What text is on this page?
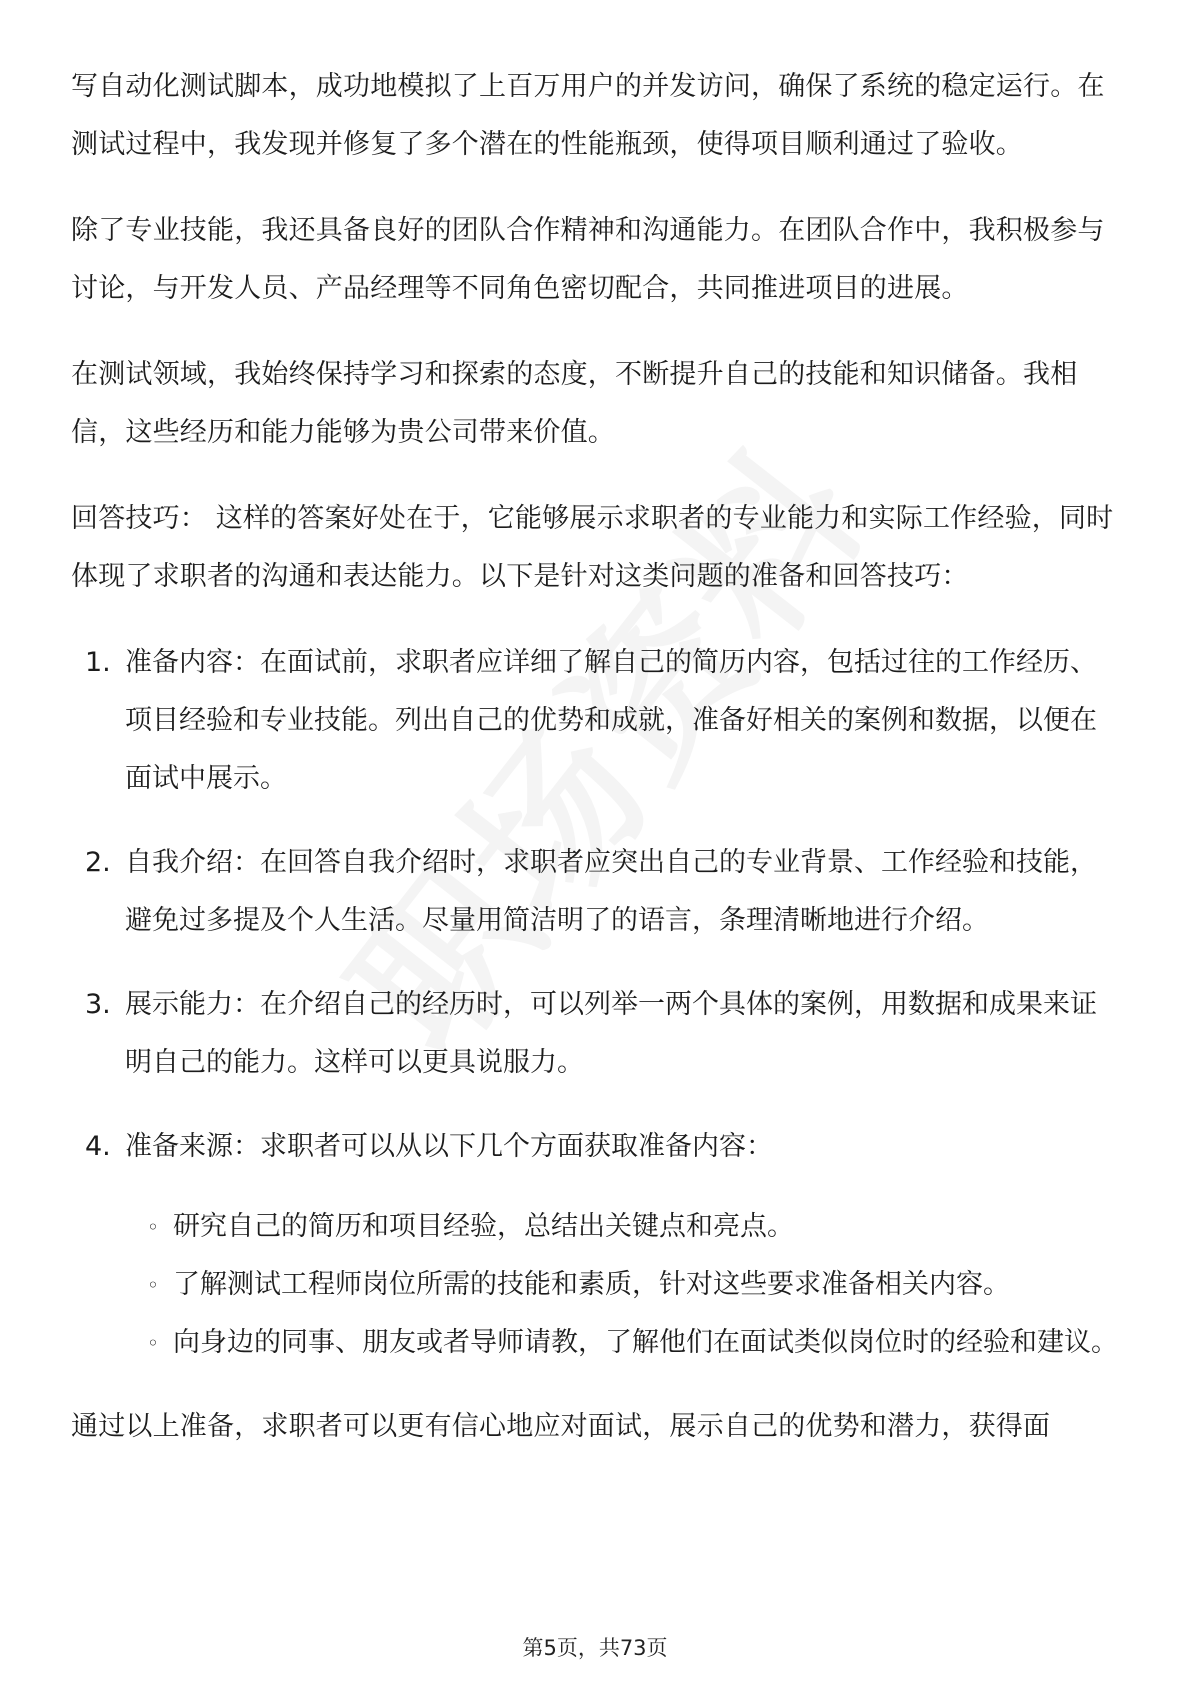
写自动化测试脚本，成功地模拟了上百万用户的并发访问，确保了系统的稳定运行。在测试过程中，我发现并修复了多个潜在的性能瓶颈，使得项目顺利通过了验收。

除了专业技能，我还具备良好的团队合作精神和沟通能力。在团队合作中，我积极参与讨论，与开发人员、产品经理等不同角色密切配合，共同推进项目的进展。

在测试领域，我始终保持学习和探索的态度，不断提升自己的技能和知识储备。我相信，这些经历和能力能够为贵公司带来价值。

回答技巧： 这样的答案好处在于，它能够展示求职者的专业能力和实际工作经验，同时体现了求职者的沟通和表达能力。以下是针对这类问题的准备和回答技巧：

1. 准备内容：在面试前，求职者应详细了解自己的简历内容，包括过往的工作经历、项目经验和专业技能。列出自己的优势和成就，准备好相关的案例和数据，以便在面试中展示。
2. 自我介绍：在回答自我介绍时，求职者应突出自己的专业背景、工作经验和技能，避免过多提及个人生活。尽量用简洁明了的语言，条理清晰地进行介绍。
3. 展示能力：在介绍自己的经历时，可以列举一两个具体的案例，用数据和成果来证明自己的能力。这样可以更具说服力。
4. 准备来源：求职者可以从以下几个方面获取准备内容：
◦ 研究自己的简历和项目经验，总结出关键点和亮点。
◦ 了解测试工程师岗位所需的技能和素质，针对这些要求准备相关内容。
◦ 向身边的同事、朋友或者导师请教，了解他们在面试类似岗位时的经验和建议。

通过以上准备，求职者可以更有信心地应对面试，展示自己的优势和潜力，获得面

第5页，共73页
